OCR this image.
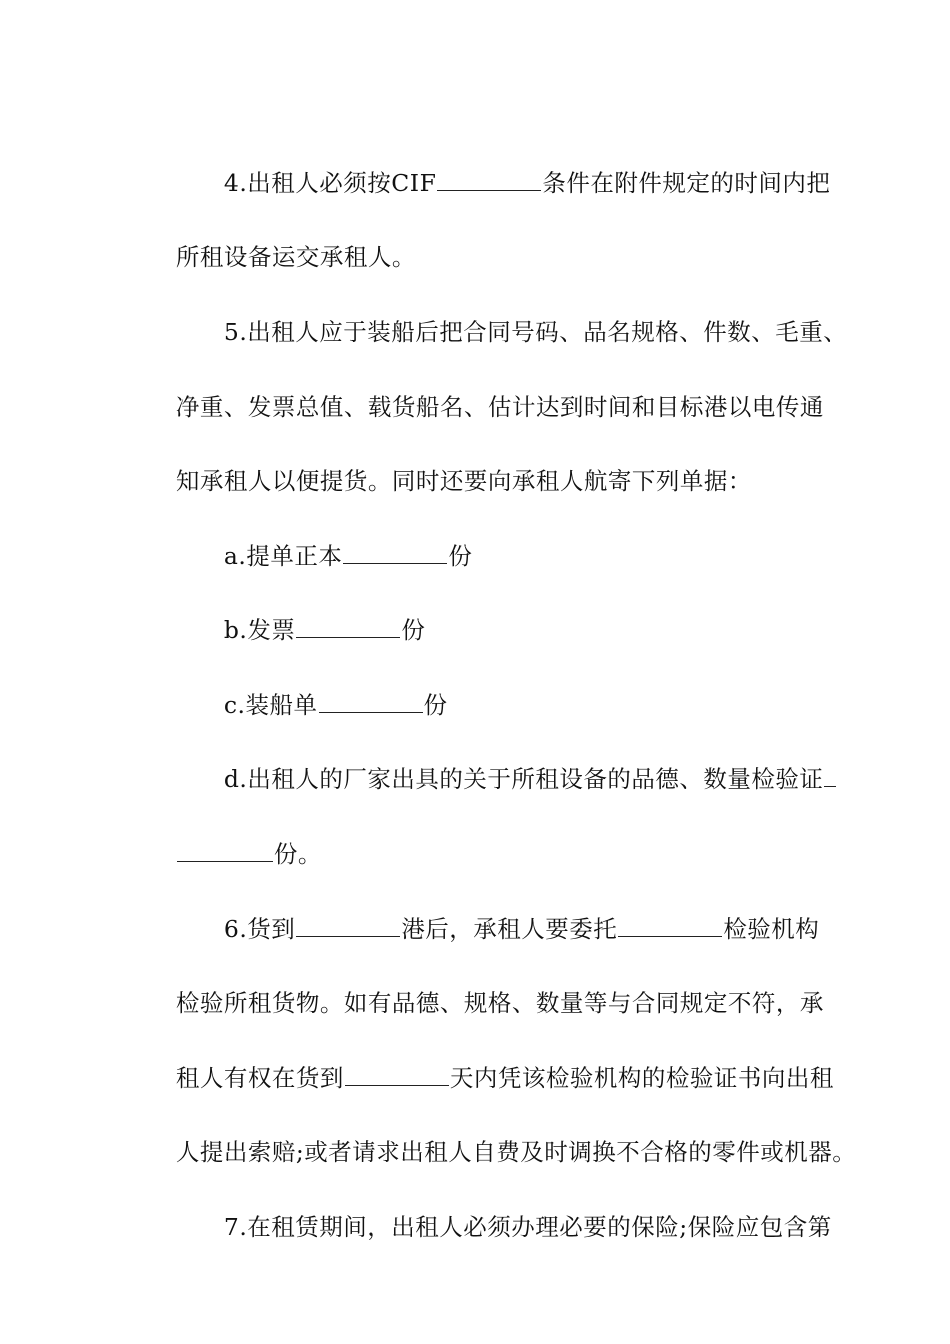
4.出租人必须按CIF	条件在附件规定的时间内把

所租设备运交承租人。

5.出租人应于装船后把合同号码、品名规格、件数、毛重、

净重、发票总值、载货船名、估计达到时间和目标港以电传通

知承租人以便提货。同时还要向承租人航寄下列单据：

a.提单正本	份

b.发票	份

c.装船单	份

d.出租人的厂家出具的关于所租设备的品德、数量检验证

份。

6.货到	港后，承租人要委托	检验机构

检验所租货物。如有品德、规格、数量等与合同规定不符，承

租人有权在货到	天内凭该检验机构的检验证书向出租

人提出索赔;或者请求出租人自费及时调换不合格的零件或机器。

7.在租赁期间，出租人必须办理必要的保险;保险应包含第
